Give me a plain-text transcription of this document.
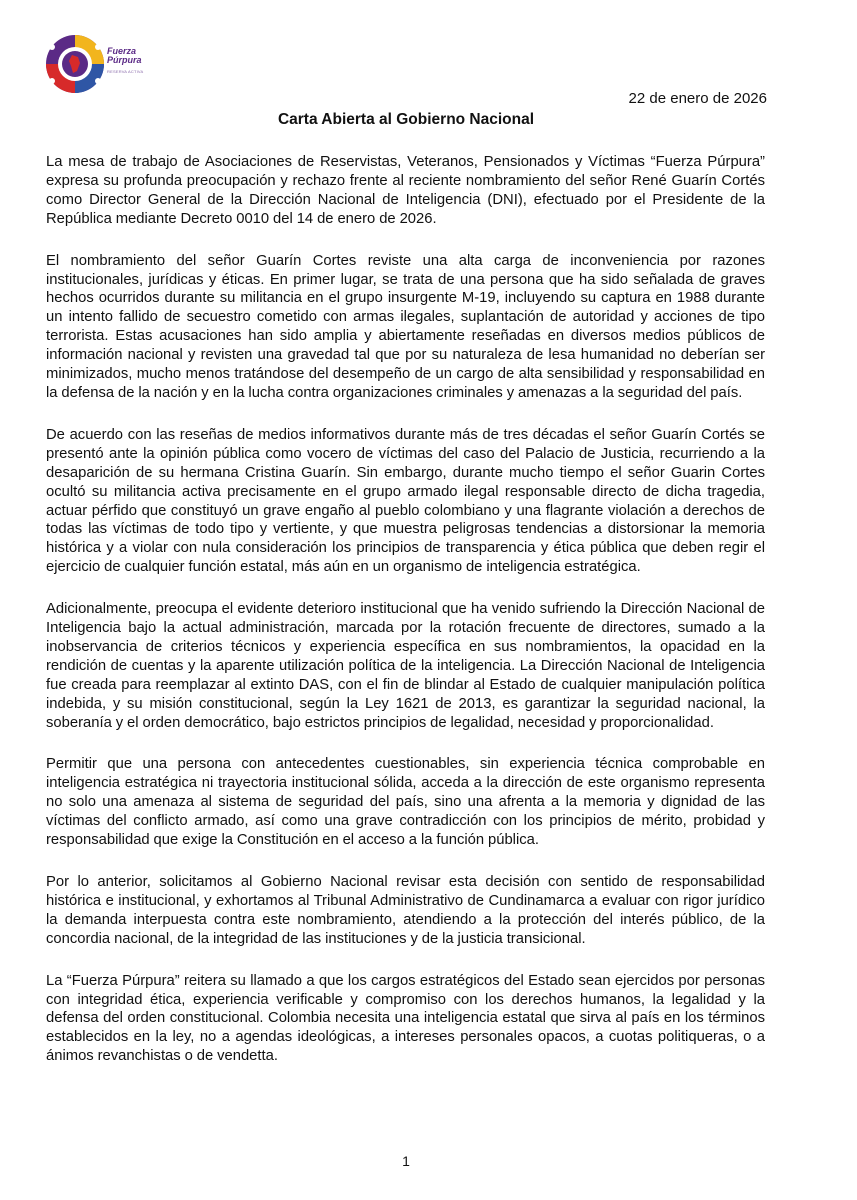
Fuerza
Púrpura
RESERVA ACTIVA
22 de enero de 2026
Carta Abierta al Gobierno Nacional

La mesa de trabajo de Asociaciones de Reservistas, Veteranos, Pensionados y Víctimas “Fuerza Púrpura” expresa su profunda preocupación y rechazo frente al reciente nombramiento del señor René Guarín Cortés como Director General de la Dirección Nacional de Inteligencia (DNI), efectuado por el Presidente de la República mediante Decreto 0010 del 14 de enero de 2026.

El nombramiento del señor Guarín Cortes reviste una alta carga de inconveniencia por razones institucionales, jurídicas y éticas. En primer lugar, se trata de una persona que ha sido señalada de graves hechos ocurridos durante su militancia en el grupo insurgente M-19, incluyendo su captura en 1988 durante un intento fallido de secuestro cometido con armas ilegales, suplantación de autoridad y acciones de tipo terrorista. Estas acusaciones han sido amplia y abiertamente reseñadas en diversos medios públicos de información nacional y revisten una gravedad tal que por su naturaleza de lesa humanidad no deberían ser minimizados, mucho menos tratándose del desempeño de un cargo de alta sensibilidad y responsabilidad en la defensa de la nación y en la lucha contra organizaciones criminales y amenazas a la seguridad del país.

De acuerdo con las reseñas de medios informativos durante más de tres décadas el señor Guarín Cortés se presentó ante la opinión pública como vocero de víctimas del caso del Palacio de Justicia, recurriendo a la desaparición de su hermana Cristina Guarín. Sin embargo, durante mucho tiempo el señor Guarin Cortes ocultó su militancia activa precisamente en el grupo armado ilegal responsable directo de dicha tragedia, actuar pérfido que constituyó un grave engaño al pueblo colombiano y una flagrante violación a derechos de todas las víctimas de todo tipo y vertiente, y que muestra peligrosas tendencias a distorsionar la memoria histórica y a violar con nula consideración los principios de transparencia y ética pública que deben regir el ejercicio de cualquier función estatal, más aún en un organismo de inteligencia estratégica.

Adicionalmente, preocupa el evidente deterioro institucional que ha venido sufriendo la Dirección Nacional de Inteligencia bajo la actual administración, marcada por la rotación frecuente de directores, sumado a la inobservancia de criterios técnicos y experiencia específica en sus nombramientos, la opacidad en la rendición de cuentas y la aparente utilización política de la inteligencia. La Dirección Nacional de Inteligencia fue creada para reemplazar al extinto DAS, con el fin de blindar al Estado de cualquier manipulación política indebida, y su misión constitucional, según la Ley 1621 de 2013, es garantizar la seguridad nacional, la soberanía y el orden democrático, bajo estrictos principios de legalidad, necesidad y proporcionalidad.

Permitir que una persona con antecedentes cuestionables, sin experiencia técnica comprobable en inteligencia estratégica ni trayectoria institucional sólida, acceda a la dirección de este organismo representa no solo una amenaza al sistema de seguridad del país, sino una afrenta a la memoria y dignidad de las víctimas del conflicto armado, así como una grave contradicción con los principios de mérito, probidad y responsabilidad que exige la Constitución en el acceso a la función pública.

Por lo anterior, solicitamos al Gobierno Nacional revisar esta decisión con sentido de responsabilidad histórica e institucional, y exhortamos al Tribunal Administrativo de Cundinamarca a evaluar con rigor jurídico la demanda interpuesta contra este nombramiento, atendiendo a la protección del interés público, de la concordia nacional, de la integridad de las instituciones y de la justicia transicional.

La “Fuerza Púrpura” reitera su llamado a que los cargos estratégicos del Estado sean ejercidos por personas con integridad ética, experiencia verificable y compromiso con los derechos humanos, la legalidad y la defensa del orden constitucional. Colombia necesita una inteligencia estatal que sirva al país en los términos establecidos en la ley, no a agendas ideológicas, a intereses personales opacos, a cuotas politiqueras, o a ánimos revanchistas o de vendetta.

1
